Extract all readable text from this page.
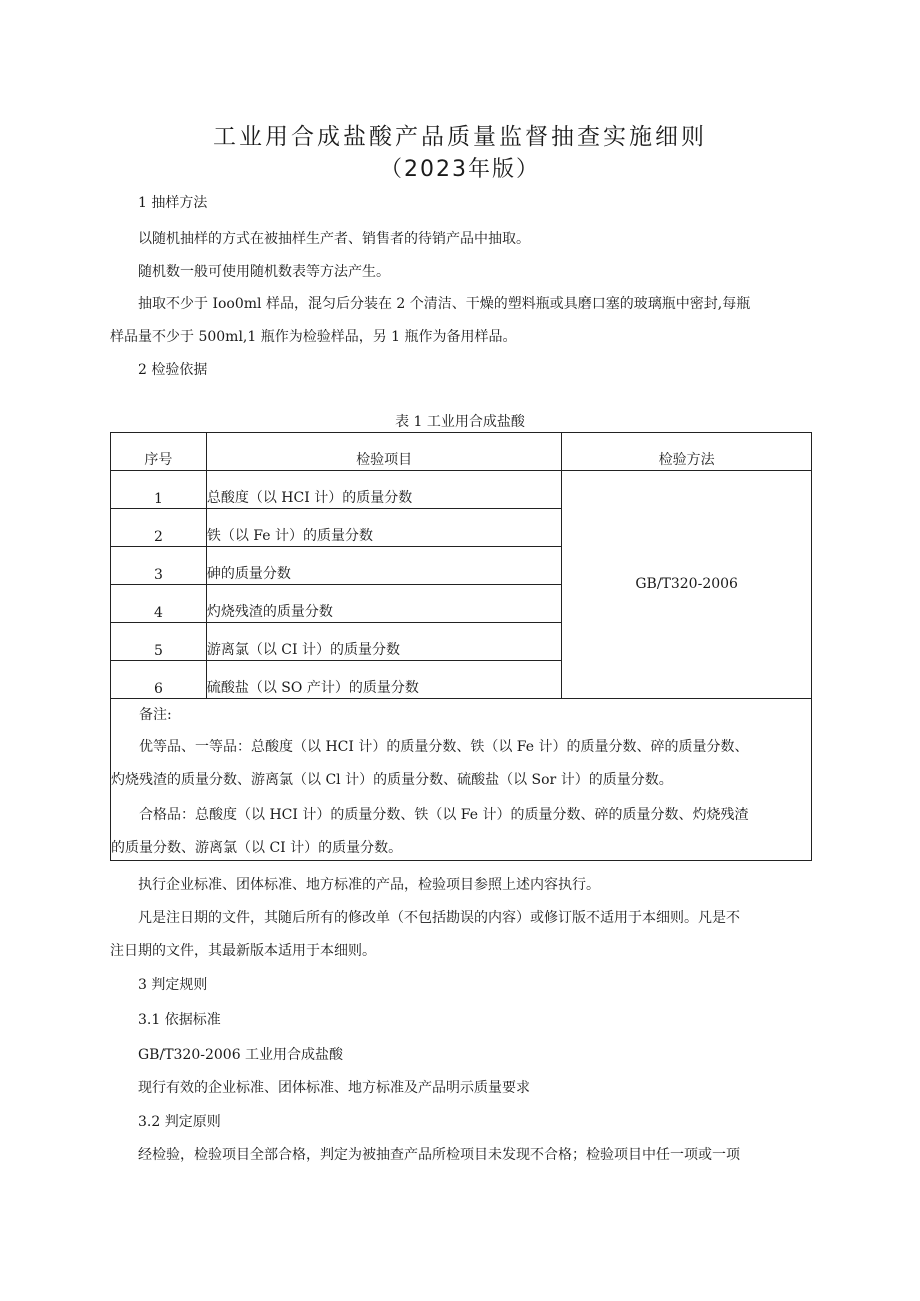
工业用合成盐酸产品质量监督抽查实施细则
（2023年版）
1 抽样方法
以随机抽样的方式在被抽样生产者、销售者的待销产品中抽取。
随机数一般可使用随机数表等方法产生。
抽取不少于 Ioo0ml 样品，混匀后分装在 2 个清洁、干燥的塑料瓶或具磨口塞的玻璃瓶中密封,每瓶
样品量不少于 500ml,1 瓶作为检验样品，另 1 瓶作为备用样品。
2 检验依据
表 1 工业用合成盐酸
序号	检验项目	检验方法
1	总酸度（以 HCI 计）的质量分数	GB/T320-2006
2	铁（以 Fe 计）的质量分数	
3	砷的质量分数	
4	灼烧残渣的质量分数	
5	游离氯（以 CI 计）的质量分数	
6	硫酸盐（以 SO 产计）的质量分数	
备注:
优等品、一等品：总酸度（以 HCI 计）的质量分数、铁（以 Fe 计）的质量分数、碎的质量分数、
灼烧残渣的质量分数、游离氯（以 Cl 计）的质量分数、硫酸盐（以 Sor 计）的质量分数。
合格品：总酸度（以 HCI 计）的质量分数、铁（以 Fe 计）的质量分数、碎的质量分数、灼烧残渣
的质量分数、游离氯（以 CI 计）的质量分数。
执行企业标准、团体标准、地方标准的产品，检验项目参照上述内容执行。
凡是注日期的文件，其随后所有的修改单（不包括勘误的内容）或修订版不适用于本细则。凡是不
注日期的文件，其最新版本适用于本细则。
3 判定规则
3.1 依据标准
GB/T320-2006 工业用合成盐酸
现行有效的企业标准、团体标准、地方标准及产品明示质量要求
3.2 判定原则
经检验，检验项目全部合格，判定为被抽查产品所检项目未发现不合格；检验项目中任一项或一项
